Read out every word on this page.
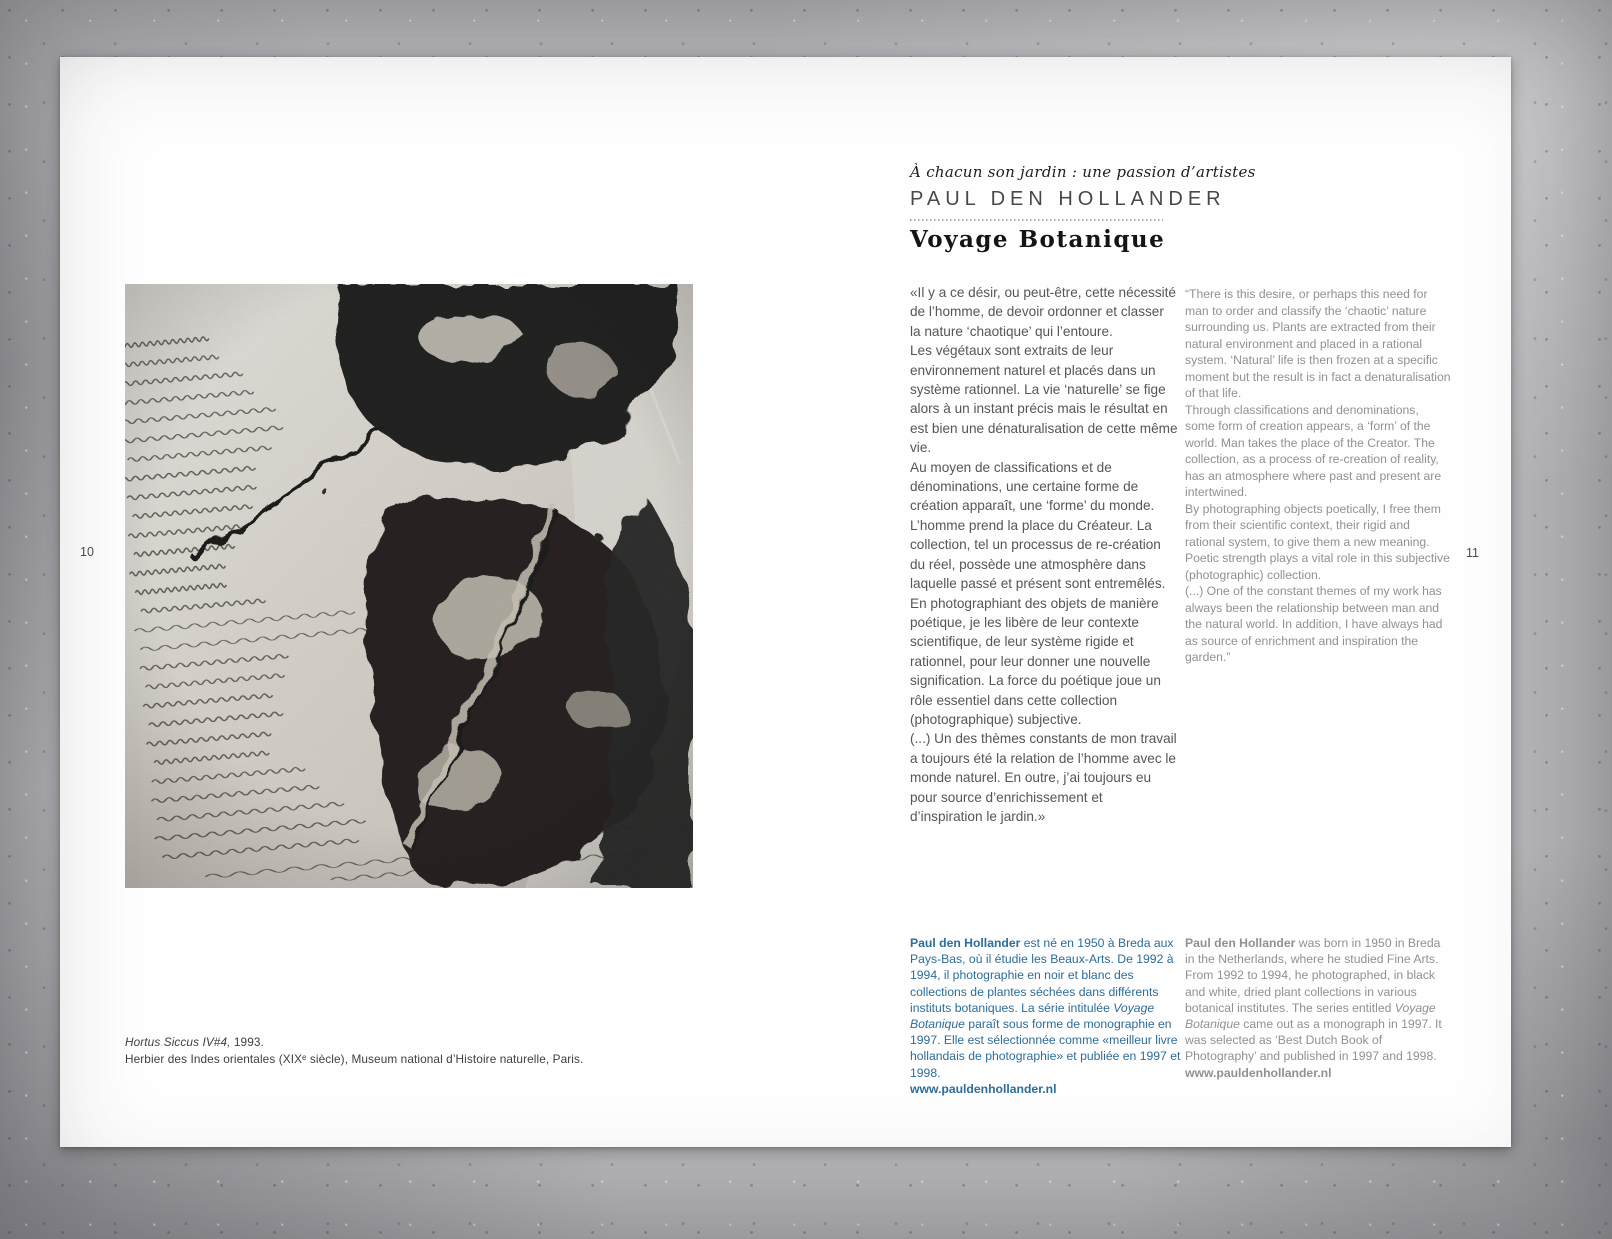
10
Hortus Siccus IV#4, 1993.
Herbier des Indes orientales (XIXᵉ siècle), Museum national d’Histoire naturelle, Paris.
À chacun son jardin : une passion d’artistes
PAUL DEN HOLLANDER
Voyage Botanique

«Il y a ce désir, ou peut-être, cette nécessité de l’homme, de devoir ordonner et classer la nature ‘chaotique’ qui l’entoure.

Les végétaux sont extraits de leur environnement naturel et placés dans un système rationnel. La vie ‘naturelle’ se fige alors à un instant précis mais le résultat en est bien une dénaturalisation de cette même vie.

Au moyen de classifications et de dénominations, une certaine forme de création apparaît, une ‘forme’ du monde. L’homme prend la place du Créateur. La collection, tel un processus de re-création du réel, possède une atmosphère dans laquelle passé et présent sont entremêlés.

En photographiant des objets de manière poétique, je les libère de leur contexte scientifique, de leur système rigide et rationnel, pour leur donner une nouvelle signification. La force du poétique joue un rôle essentiel dans cette collection (photographique) subjective.

(...) Un des thèmes constants de mon travail a toujours été la relation de l’homme avec le monde naturel. En outre, j’ai toujours eu pour source d’enrichissement et d’inspiration le jardin.»

“There is this desire, or perhaps this need for man to order and classify the ‘chaotic’ nature surrounding us. Plants are extracted from their natural environment and placed in a rational system. ‘Natural’ life is then frozen at a specific moment but the result is in fact a denaturalisation of that life.

Through classifications and denominations, some form of creation appears, a ‘form’ of the world. Man takes the place of the Creator. The collection, as a process of re-creation of reality, has an atmosphere where past and present are intertwined.

By photographing objects poetically, I free them from their scientific context, their rigid and rational system, to give them a new meaning. Poetic strength plays a vital role in this subjective (photographic) collection.

(...) One of the constant themes of my work has always been the relationship between man and the natural world. In addition, I have always had as source of enrichment and inspiration the garden.”

Paul den Hollander est né en 1950 à Breda aux Pays-Bas, où il étudie les Beaux-Arts. De 1992 à 1994, il photographie en noir et blanc des collections de plantes séchées dans différents instituts botaniques. La série intitulée Voyage Botanique paraît sous forme de monographie en 1997. Elle est sélectionnée comme «meilleur livre hollandais de photographie» et publiée en 1997 et 1998.

www.pauldenhollander.nl

Paul den Hollander was born in 1950 in Breda in the Netherlands, where he studied Fine Arts. From 1992 to 1994, he photographed, in black and white, dried plant collections in various botanical institutes. The series entitled Voyage Botanique came out as a monograph in 1997. It was selected as ‘Best Dutch Book of Photography’ and published in 1997 and 1998.

www.pauldenhollander.nl

11
